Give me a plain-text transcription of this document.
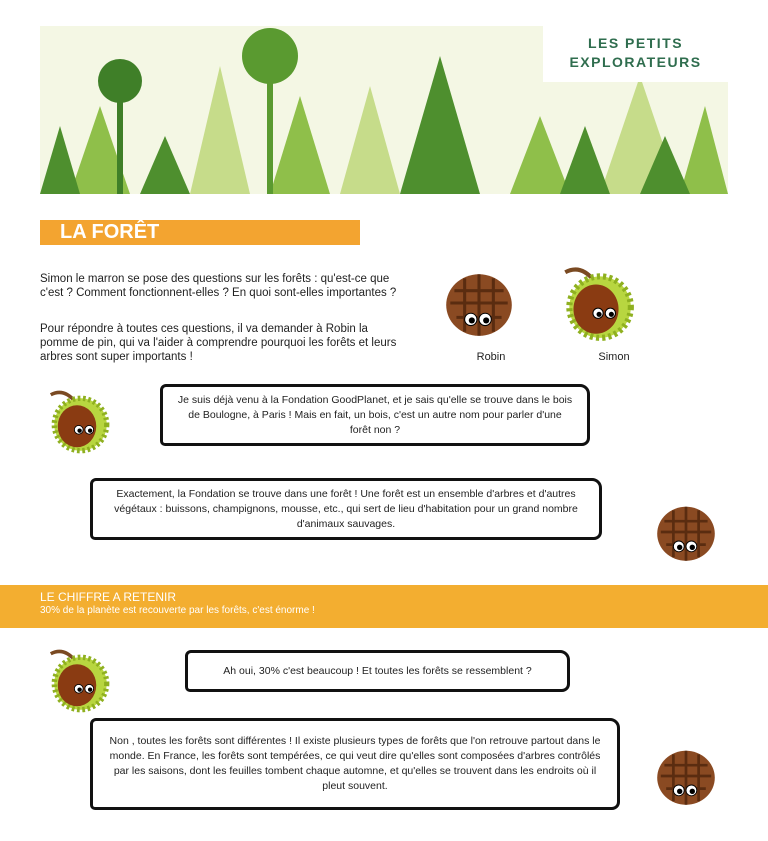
LES PETITS
EXPLORATEURS
LA FORÊT

Simon le marron se pose des questions sur les forêts : qu'est-ce que c'est ? Comment fonctionnent-elles ? En quoi sont-elles importantes ?

Pour répondre à toutes ces questions, il va demander à Robin la pomme de pin, qui va l'aider à comprendre pourquoi les forêts et leurs arbres sont super importants !	Robin	Simon
Je suis déjà venu à la Fondation GoodPlanet, et je sais qu'elle se trouve dans le bois de Boulogne, à Paris ! Mais en fait, un bois, c'est un autre nom pour parler d'une forêt non ?
Exactement, la Fondation se trouve dans une forêt ! Une forêt est un ensemble d'arbres et d'autres végétaux : buissons, champignons, mousse, etc., qui sert de lieu d'habitation pour un grand nombre d'animaux sauvages.
LE CHIFFRE A RETENIR
30% de la planète est recouverte par les forêts, c'est énorme !
Ah oui, 30% c'est beaucoup ! Et toutes les forêts se ressemblent ?
Non , toutes les forêts sont différentes ! Il existe plusieurs types de forêts que l'on retrouve partout dans le monde. En France, les forêts sont tempérées, ce qui veut dire qu'elles sont composées d'arbres contrôlés par les saisons, dont les feuilles tombent chaque automne, et qu'elles se trouvent dans les endroits où il pleut souvent.
